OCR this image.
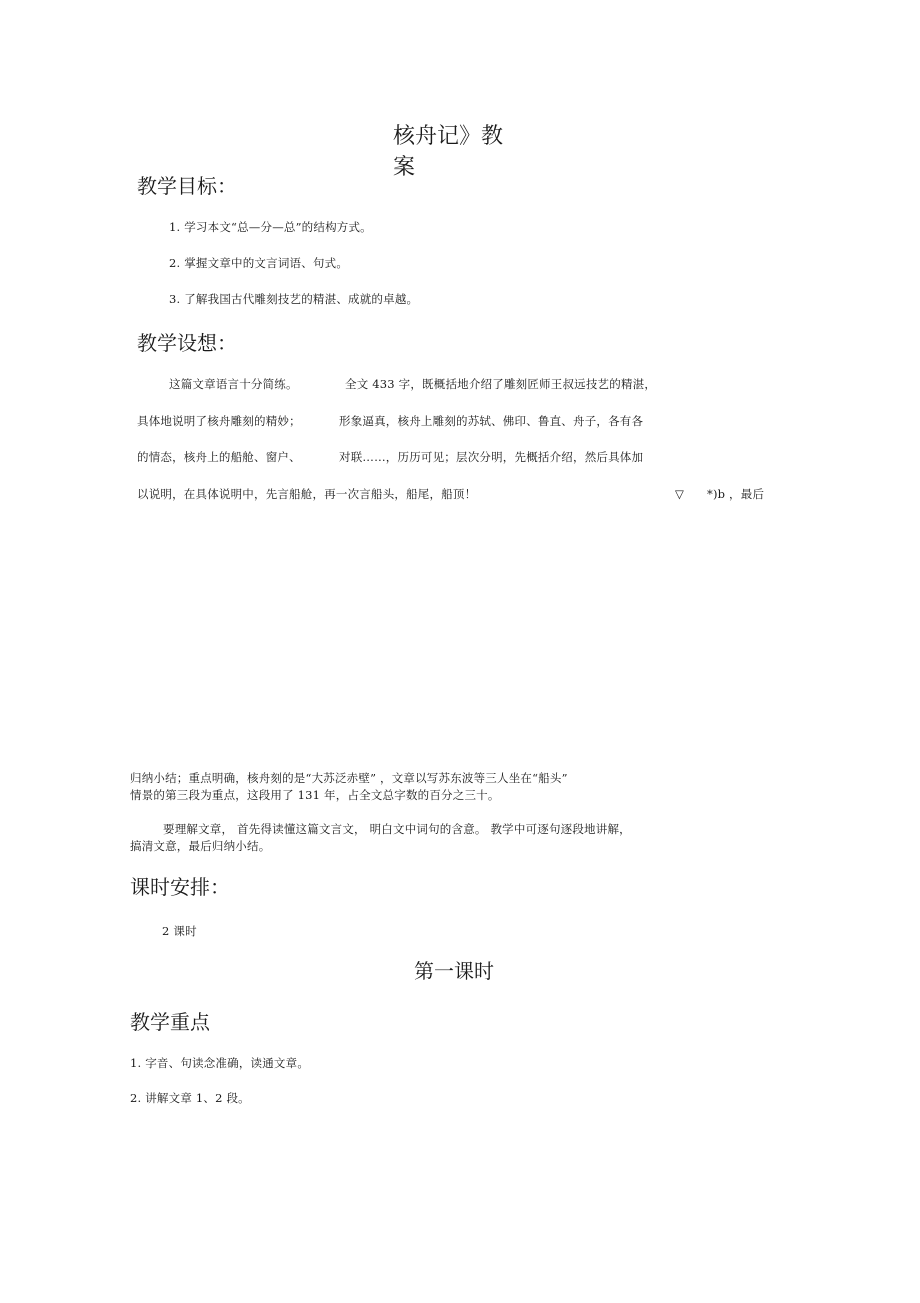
核舟记》教
案
教学目标：
1. 学习本文“总—分—总”的结构方式。
2. 掌握文章中的文言词语、句式。
3. 了解我国古代雕刻技艺的精湛、成就的卓越。
教学设想：
这篇文章语言十分简练。	全文 433 字，既概括地介绍了雕刻匠师王叔远技艺的精湛，
具体地说明了核舟雕刻的精妙；	形象逼真，核舟上雕刻的苏轼、佛印、鲁直、舟子，各有各
的情态，核舟上的船舱、窗户、	对联……，历历可见；层次分明，先概括介绍，然后具体加
以说明，在具体说明中，先言船舱，再一次言船头，船尾，船顶！	▽ *)b ，最后
归纳小结；重点明确，核舟刻的是“大苏泛赤壁” ，文章以写苏东波等三人坐在“船头”
情景的第三段为重点，这段用了 131 年，占全文总字数的百分之三十。
要理解文章， 首先得读懂这篇文言文， 明白文中词句的含意。 教学中可逐句逐段地讲解，
搞清文意，最后归纳小结。
课时安排：
2 课时
第一课时
教学重点
1. 字音、句读念准确，读通文章。
2. 讲解文章 1、2 段。
